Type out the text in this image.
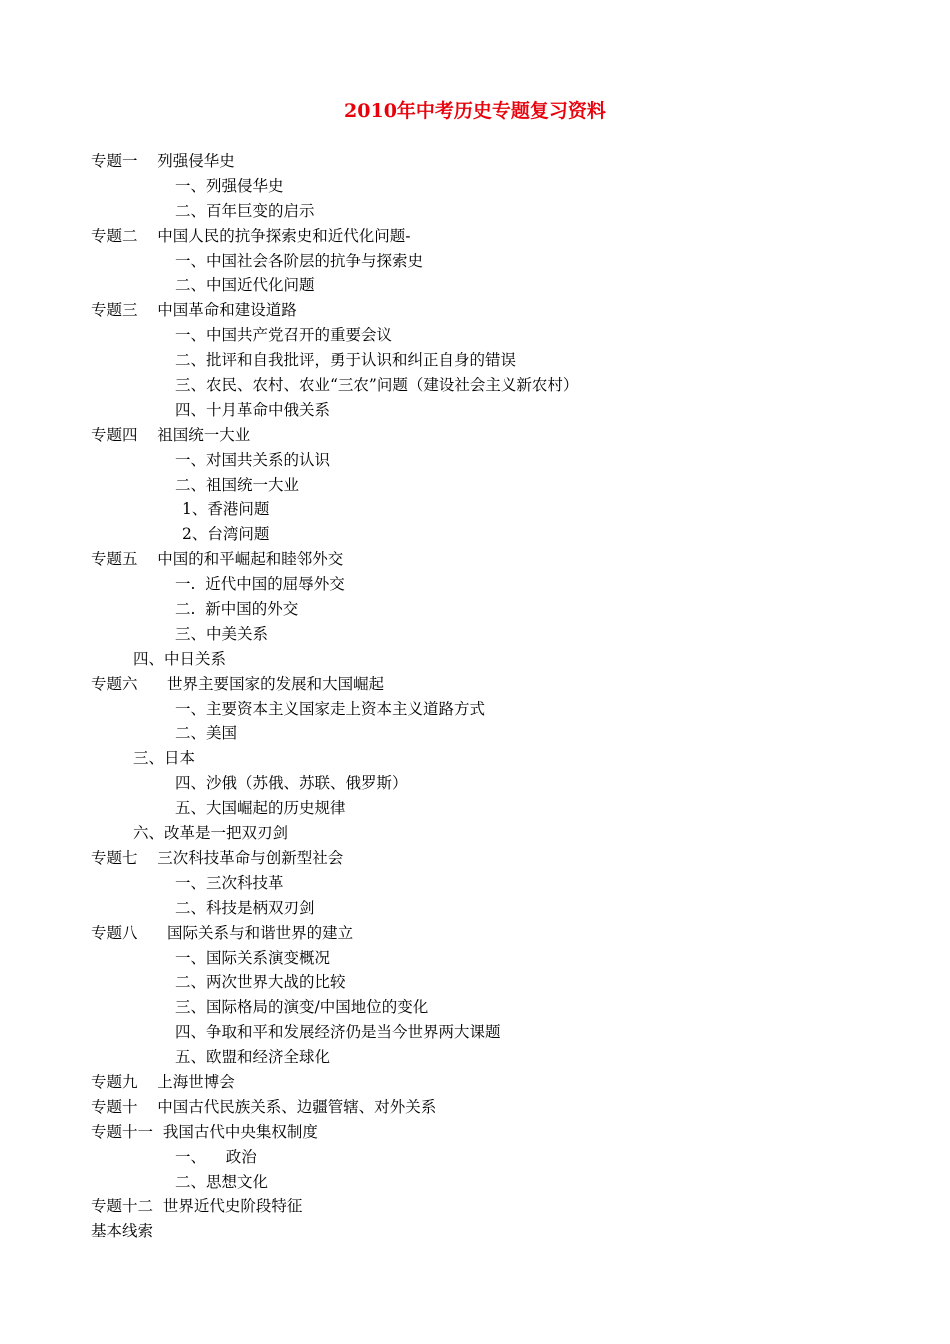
2010年中考历史专题复习资料
专题一    列强侵华史
一、列强侵华史
二、百年巨变的启示
专题二    中国人民的抗争探索史和近代化问题-
一、中国社会各阶层的抗争与探索史
二、中国近代化问题
专题三    中国革命和建设道路
一、中国共产党召开的重要会议
二、批评和自我批评，勇于认识和纠正自身的错误
三、农民、农村、农业“三农”问题（建设社会主义新农村）
四、十月革命中俄关系
专题四    祖国统一大业
一、对国共关系的认识
二、祖国统一大业
1、香港问题
2、台湾问题
专题五    中国的和平崛起和睦邻外交
一.  近代中国的屈辱外交
二.  新中国的外交
三、中美关系
四、中日关系
专题六      世界主要国家的发展和大国崛起
一、主要资本主义国家走上资本主义道路方式
二、美国
三、日本
四、沙俄（苏俄、苏联、俄罗斯）
五、大国崛起的历史规律
六、改革是一把双刃剑
专题七    三次科技革命与创新型社会
一、三次科技革
二、科技是柄双刃剑
专题八      国际关系与和谐世界的建立
一、国际关系演变概况
二、两次世界大战的比较
三、国际格局的演变/中国地位的变化
四、争取和平和发展经济仍是当今世界两大课题
五、欧盟和经济全球化
专题九    上海世博会
专题十    中国古代民族关系、边疆管辖、对外关系
专题十一  我国古代中央集权制度
一、    政治
二、思想文化
专题十二  世界近代史阶段特征
基本线索
